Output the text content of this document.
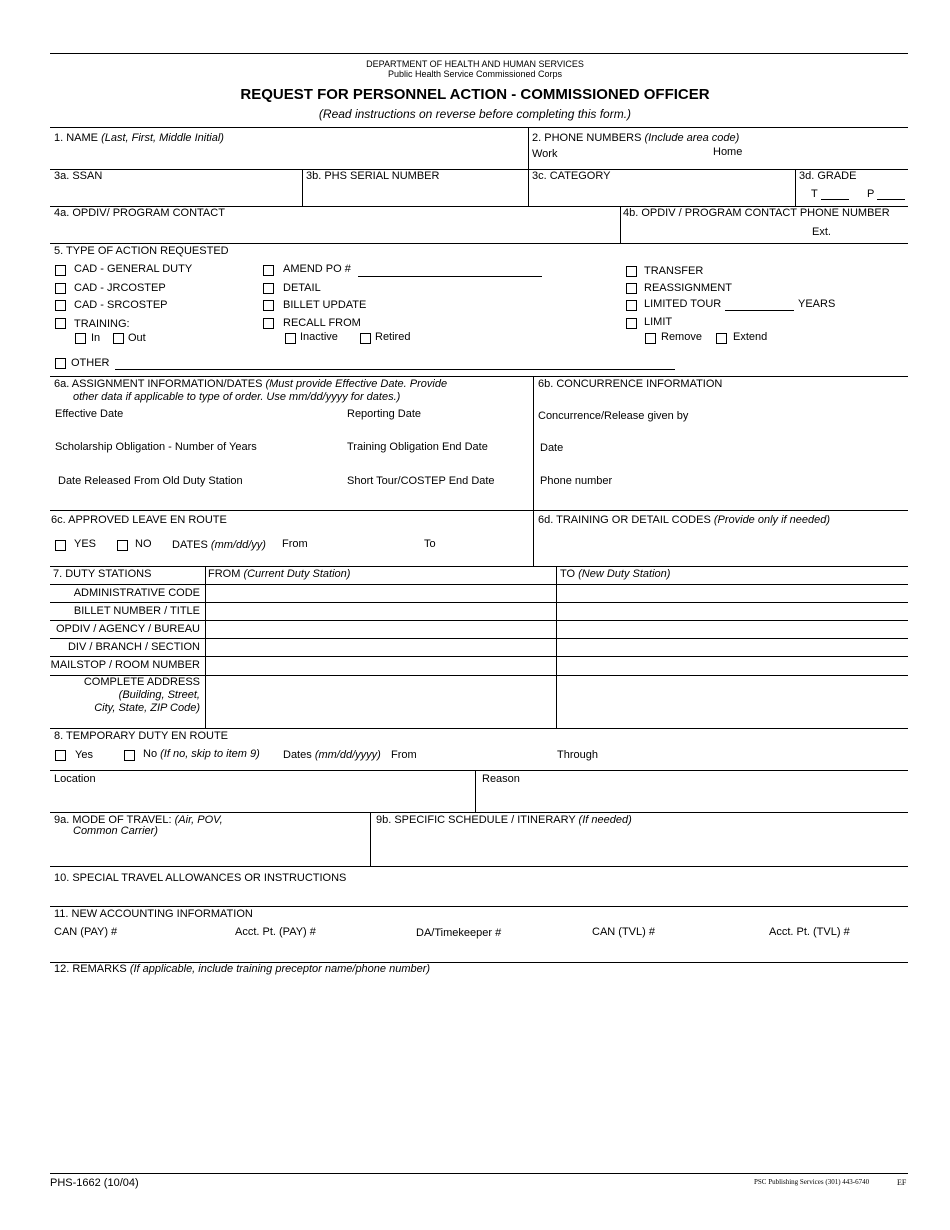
DEPARTMENT OF HEALTH AND HUMAN SERVICES
Public Health Service Commissioned Corps
REQUEST FOR PERSONNEL ACTION - COMMISSIONED OFFICER
(Read instructions on reverse before completing this form.)
1. NAME (Last, First, Middle Initial)	2. PHONE NUMBERS (Include area code)
Work	Home
3a. SSAN	3b. PHS SERIAL NUMBER	3c. CATEGORY	3d. GRADE
T	P
4a. OPDIV/ PROGRAM CONTACT	4b. OPDIV / PROGRAM CONTACT PHONE NUMBER
Ext.
5. TYPE OF ACTION REQUESTED
CAD - GENERAL DUTY
CAD - JRCOSTEP
CAD - SRCOSTEP
TRAINING:
In	Out
AMEND PO #
DETAIL
BILLET UPDATE
RECALL FROM
Inactive	Retired
TRANSFER
REASSIGNMENT
LIMITED TOUR	YEARS
LIMIT
Remove	Extend
OTHER
6a. ASSIGNMENT INFORMATION/DATES (Must provide Effective Date. Provide
other data if applicable to type of order. Use mm/dd/yyyy for dates.)
Effective Date	Reporting Date
Scholarship Obligation - Number of Years	Training Obligation End Date
Date Released From Old Duty Station	Short Tour/COSTEP End Date
6b. CONCURRENCE INFORMATION
Concurrence/Release given by
Date
Phone number
6c. APPROVED LEAVE EN ROUTE
YES	NO DATES (mm/dd/yy) From	To
6d. TRAINING OR DETAIL CODES (Provide only if needed)
7. DUTY STATIONS	FROM (Current Duty Station)	TO (New Duty Station)
ADMINISTRATIVE CODE
BILLET NUMBER / TITLE
OPDIV / AGENCY / BUREAU
DIV / BRANCH / SECTION
MAILSTOP / ROOM NUMBER
COMPLETE ADDRESS
(Building, Street,
City, State, ZIP Code)
8. TEMPORARY DUTY EN ROUTE
Yes	No (If no, skip to item 9) Dates (mm/dd/yyyy) From	Through
Location	Reason
9a. MODE OF TRAVEL: (Air, POV,
Common Carrier)
9b. SPECIFIC SCHEDULE / ITINERARY (If needed)
10. SPECIAL TRAVEL ALLOWANCES OR INSTRUCTIONS
11. NEW ACCOUNTING INFORMATION
CAN (PAY) #	Acct. Pt. (PAY) #	DA/Timekeeper #	CAN (TVL) #	Acct. Pt. (TVL) #
12. REMARKS (If applicable, include training preceptor name/phone number)
PHS-1662 (10/04)	PSC Publishing Services (301) 443-6740	EF
